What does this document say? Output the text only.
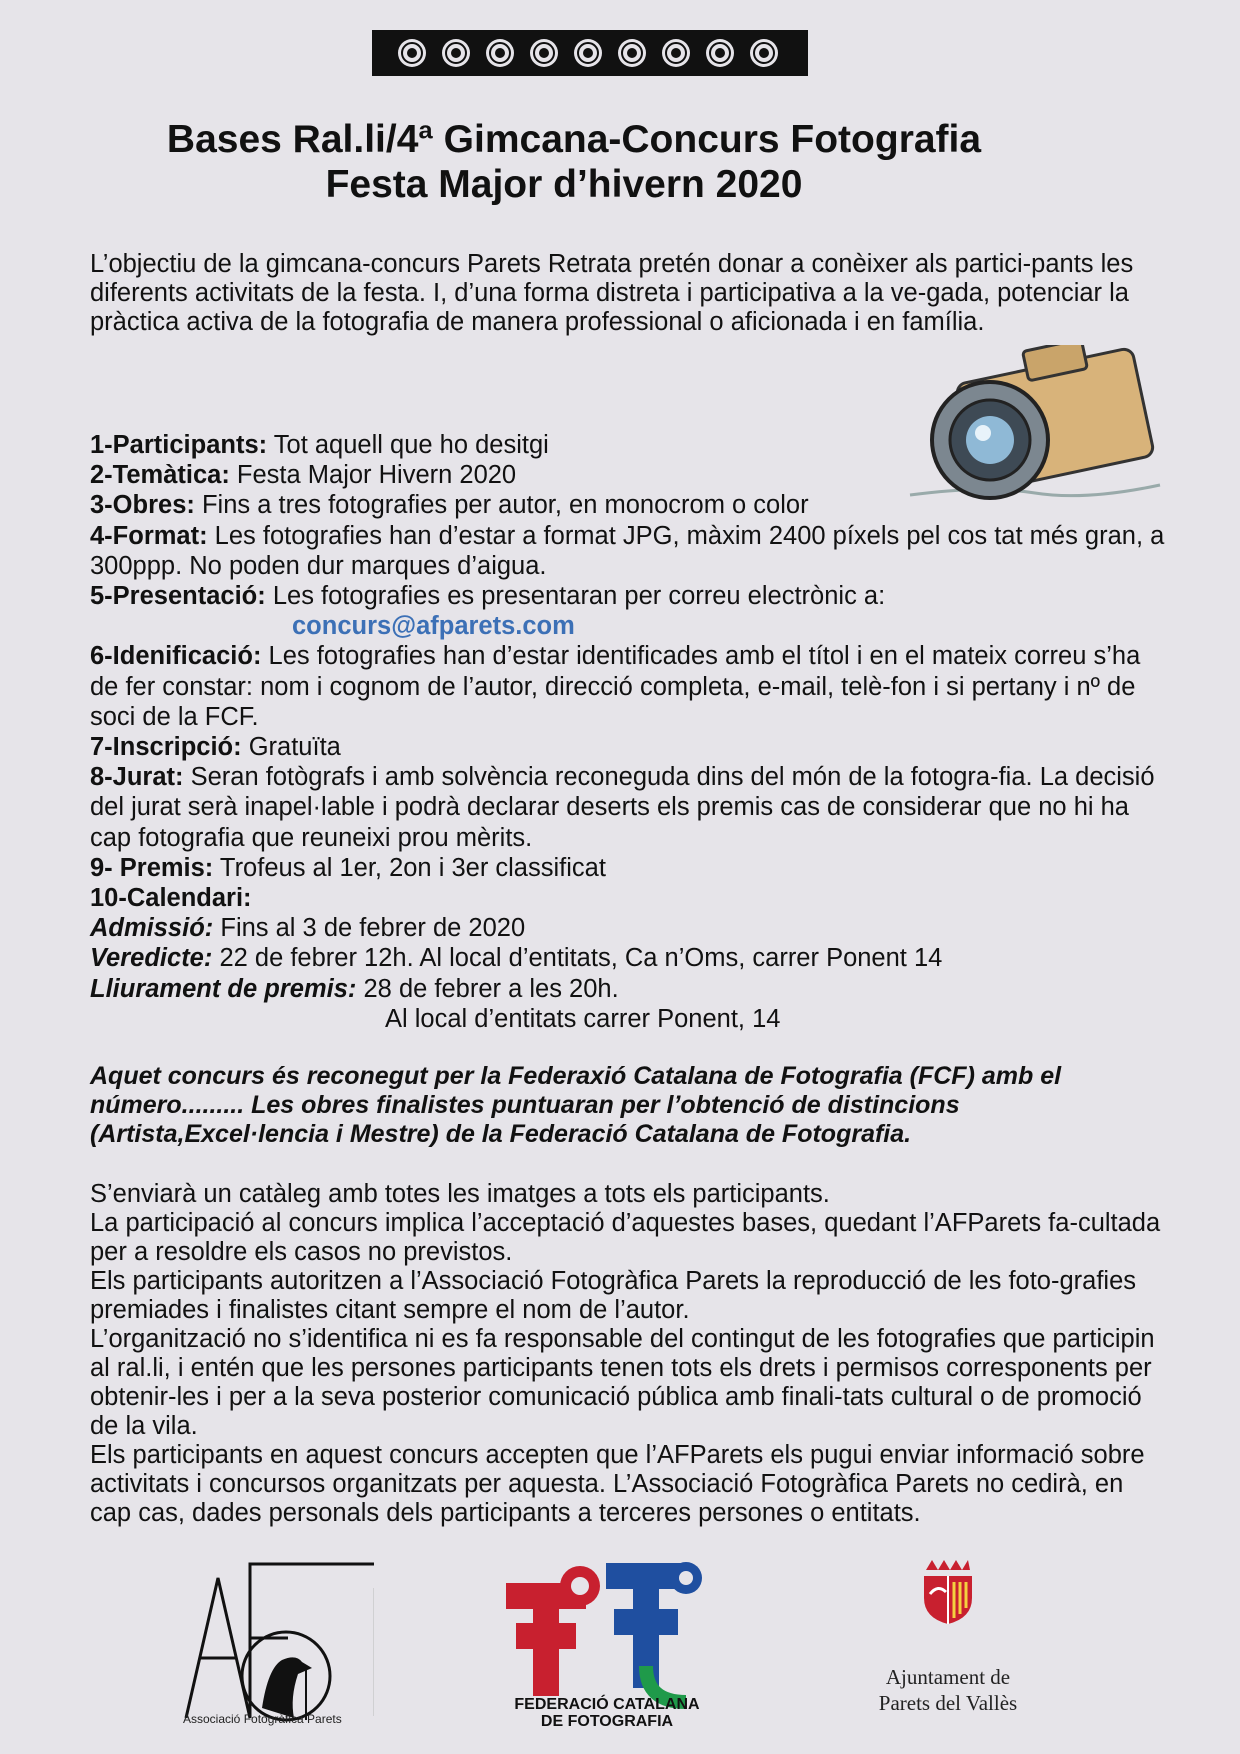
Bases Ral.li/4ª Gimcana-Concurs Fotografia
Festa Major d’hivern 2020

L’objectiu de la gimcana-concurs Parets Retrata pretén donar a conèixer als partici-pants les diferents activitats de la festa. I, d’una forma distreta i participativa a la ve-gada, potenciar la pràctica activa de la fotografia de manera professional o aficionada i en família.

1-Participants: Tot aquell que ho desitgi

2-Temàtica: Festa Major Hivern 2020

3-Obres: Fins a tres fotografies per autor, en monocrom o color

4-Format: Les fotografies han d’estar a format JPG, màxim 2400 píxels pel cos tat més gran, a 300ppp. No poden dur marques d’aigua.

5-Presentació: Les fotografies es presentaran per correu electrònic a:
concurs@afparets.com

6-Idenificació: Les fotografies han d’estar identificades amb el títol i en el mateix correu s’ha de fer constar: nom i cognom de l’autor, direcció completa, e-mail, telè-fon i si pertany i nº de soci de la FCF.

7-Inscripció: Gratuïta

8-Jurat: Seran fotògrafs i amb solvència reconeguda dins del món de la fotogra-fia. La decisió del jurat serà inapel·lable i podrà declarar deserts els premis cas de considerar que no hi ha cap fotografia que reuneixi prou mèrits.

9- Premis: Trofeus al 1er, 2on i 3er classificat

10-Calendari:

Admissió: Fins al 3 de febrer de 2020

Veredicte: 22 de febrer 12h. Al local d’entitats, Ca n’Oms, carrer Ponent 14

Lliurament de premis: 28 de febrer a les 20h.
Al local d’entitats carrer Ponent, 14

Aquet concurs és reconegut per la Federaxió Catalana de Fotografia (FCF) amb el número......... Les obres finalistes puntuaran per l’obtenció de distincions (Artista,Excel·lencia i Mestre) de la Federació Catalana de Fotografia.

S’enviarà un catàleg amb totes les imatges a tots els participants.

La participació al concurs implica l’acceptació d’aquestes bases, quedant l’AFParets fa-cultada per a resoldre els casos no previstos.

Els participants autoritzen a l’Associació Fotogràfica Parets la reproducció de les foto-grafies premiades i finalistes citant sempre el nom de l’autor.

L’organització no s’identifica ni es fa responsable del contingut de les fotografies que participin al ral.li, i entén que les persones participants tenen tots els drets i permisos corresponents per obtenir-les i per a la seva posterior comunicació pública amb finali-tats cultural o de promoció de la vila.

Els participants en aquest concurs accepten que l’AFParets els pugui enviar informació sobre activitats i concursos organitzats per aquesta. L’Associació Fotogràfica Parets no cedirà, en cap cas, dades personals dels participants a terceres persones o entitats.

Associació Fotogràfica Parets
FEDERACIÓ CATALANA
DE FOTOGRAFIA
Ajuntament de
Parets del Vallès
